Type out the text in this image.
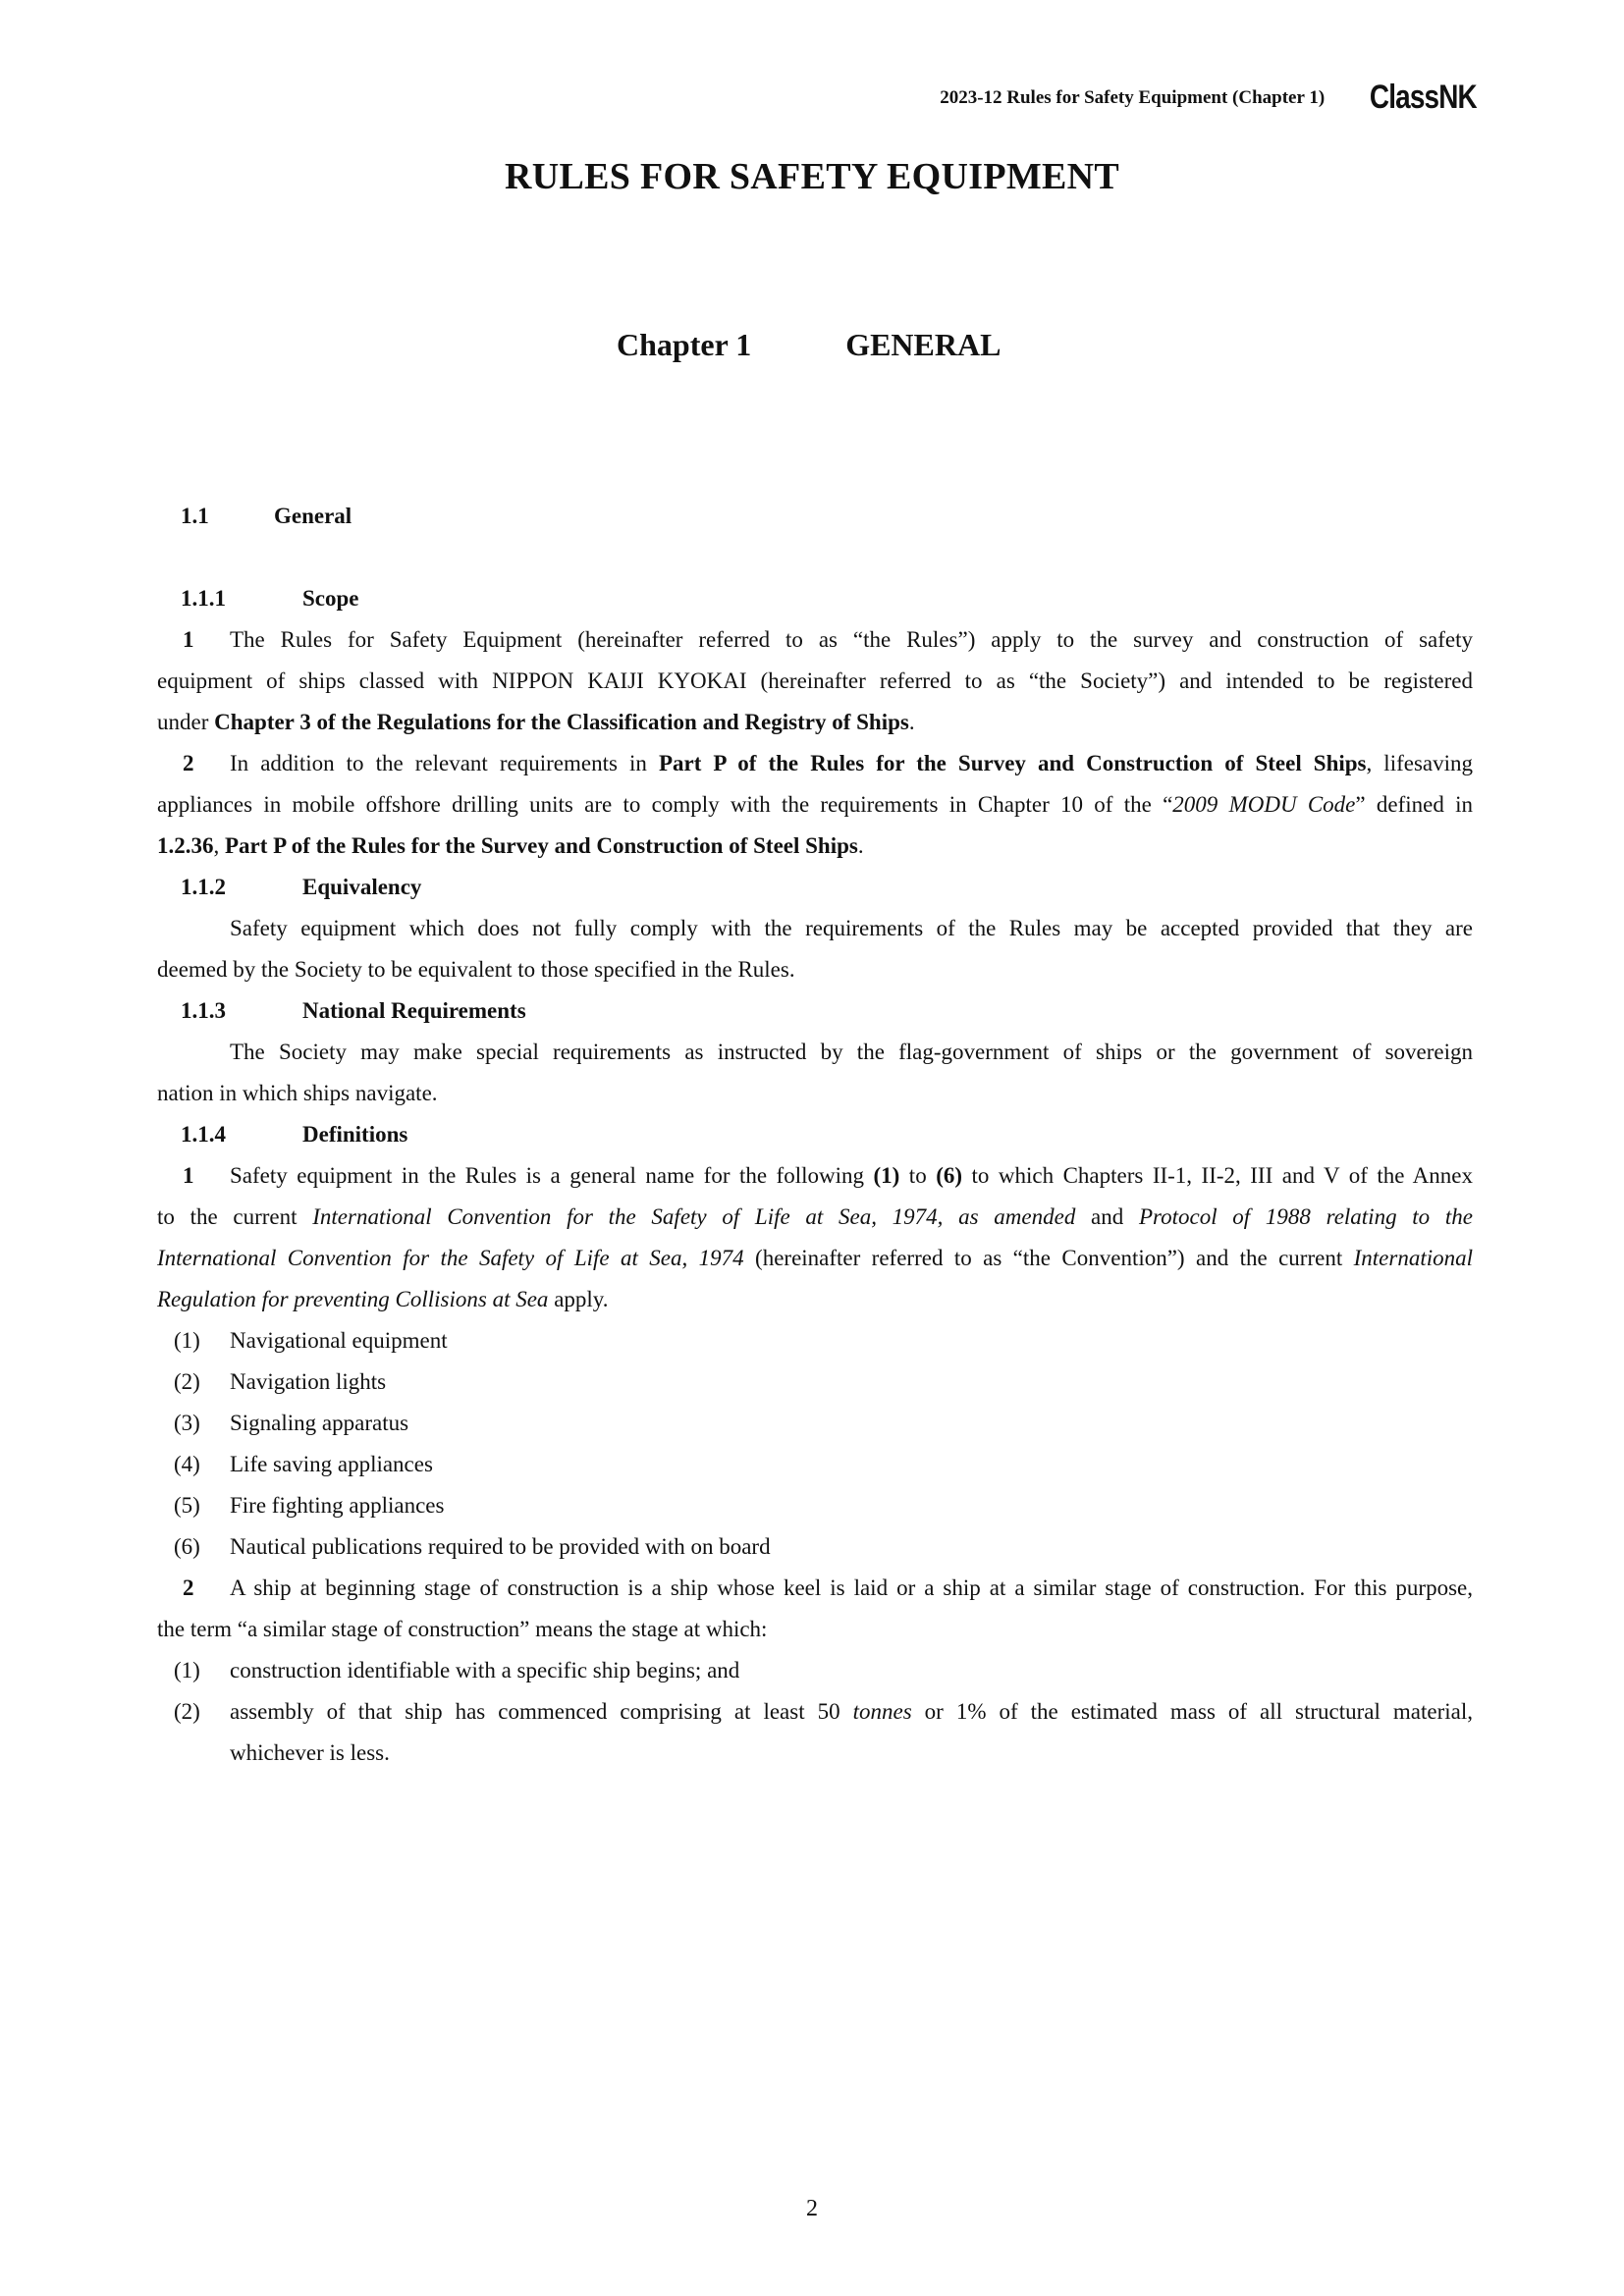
2023-12 Rules for Safety Equipment (Chapter 1) ClassNK
RULES FOR SAFETY EQUIPMENT
Chapter 1	GENERAL
1.1	General
1.1.1	Scope
1 The Rules for Safety Equipment (hereinafter referred to as “the Rules”) apply to the survey and construction of safety
equipment of ships classed with NIPPON KAIJI KYOKAI (hereinafter referred to as “the Society”) and intended to be registered
under Chapter 3 of the Regulations for the Classification and Registry of Ships.
2 In addition to the relevant requirements in Part P of the Rules for the Survey and Construction of Steel Ships, lifesaving
appliances in mobile offshore drilling units are to comply with the requirements in Chapter 10 of the “2009 MODU Code” defined in
1.2.36, Part P of the Rules for the Survey and Construction of Steel Ships.
1.1.2	Equivalency
Safety equipment which does not fully comply with the requirements of the Rules may be accepted provided that they are
deemed by the Society to be equivalent to those specified in the Rules.
1.1.3	National Requirements
The Society may make special requirements as instructed by the flag-government of ships or the government of sovereign
nation in which ships navigate.
1.1.4	Definitions
1 Safety equipment in the Rules is a general name for the following (1) to (6) to which Chapters II-1, II-2, III and V of the Annex
to the current International Convention for the Safety of Life at Sea, 1974, as amended and Protocol of 1988 relating to the
International Convention for the Safety of Life at Sea, 1974 (hereinafter referred to as “the Convention”) and the current International
Regulation for preventing Collisions at Sea apply.
(1)	Navigational equipment
(2)	Navigation lights
(3)	Signaling apparatus
(4)	Life saving appliances
(5)	Fire fighting appliances
(6)	Nautical publications required to be provided with on board
2 A ship at beginning stage of construction is a ship whose keel is laid or a ship at a similar stage of construction. For this purpose,
the term “a similar stage of construction” means the stage at which:
(1)	construction identifiable with a specific ship begins; and
(2)	assembly of that ship has commenced comprising at least 50 tonnes or 1% of the estimated mass of all structural material,
whichever is less.
2
